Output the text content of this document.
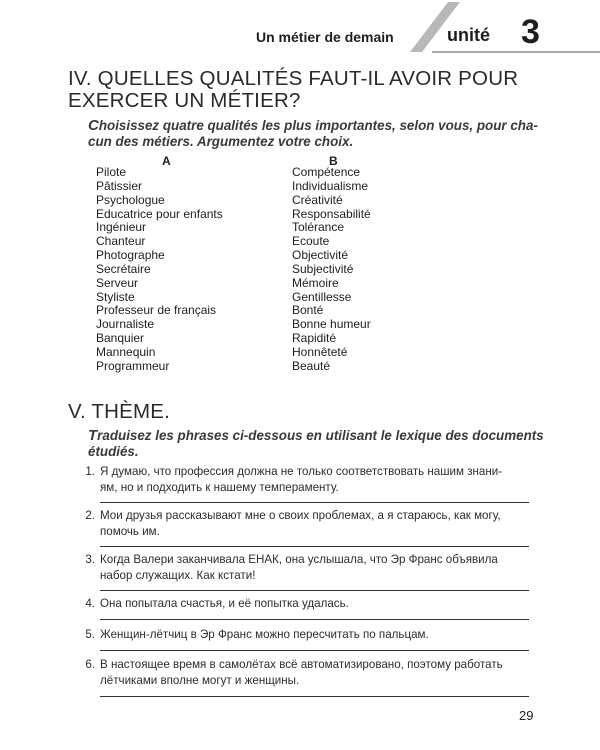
Un métier de demain	unité 3
IV. QUELLES QUALITÉS FAUT-IL AVOIR POUR
EXERCER UN MÉTIER?
Choisissez quatre qualités les plus importantes, selon vous, pour cha-
cun des métiers. Argumentez votre choix.
A	B
Pilote
Pâtissier
Psychologue
Educatrice pour enfants
Ingénieur
Chanteur
Photographe
Secrétaire
Serveur
Styliste
Professeur de français
Journaliste
Banquier
Mannequin
Programmeur
Compétence
Individualisme
Créativité
Responsabilité
Tolérance
Ecoute
Objectivité
Subjectivité
Mémoire
Gentillesse
Bonté
Bonne humeur
Rapidité
Honnêteté
Beauté
V. THÈME.
Traduisez les phrases ci-dessous en utilisant le lexique des documents
étudiés.
1. Я думаю, что профессия должна не только соответствовать нашим знани-
ям, но и подходить к нашему темпераменту.
2. Мои друзья рассказывают мне о своих проблемах, а я стараюсь, как могу,
помочь им.
3. Когда Валери заканчивала ЕНАК, она услышала, что Эр Франс объявила
набор служащих. Как кстати!
4. Она попытала счастья, и её попытка удалась.
5. Женщин-лётчиц в Эр Франс можно пересчитать по пальцам.
6. В настоящее время в самолётах всё автоматизировано, поэтому работать
лётчиками вполне могут и женщины.
29
